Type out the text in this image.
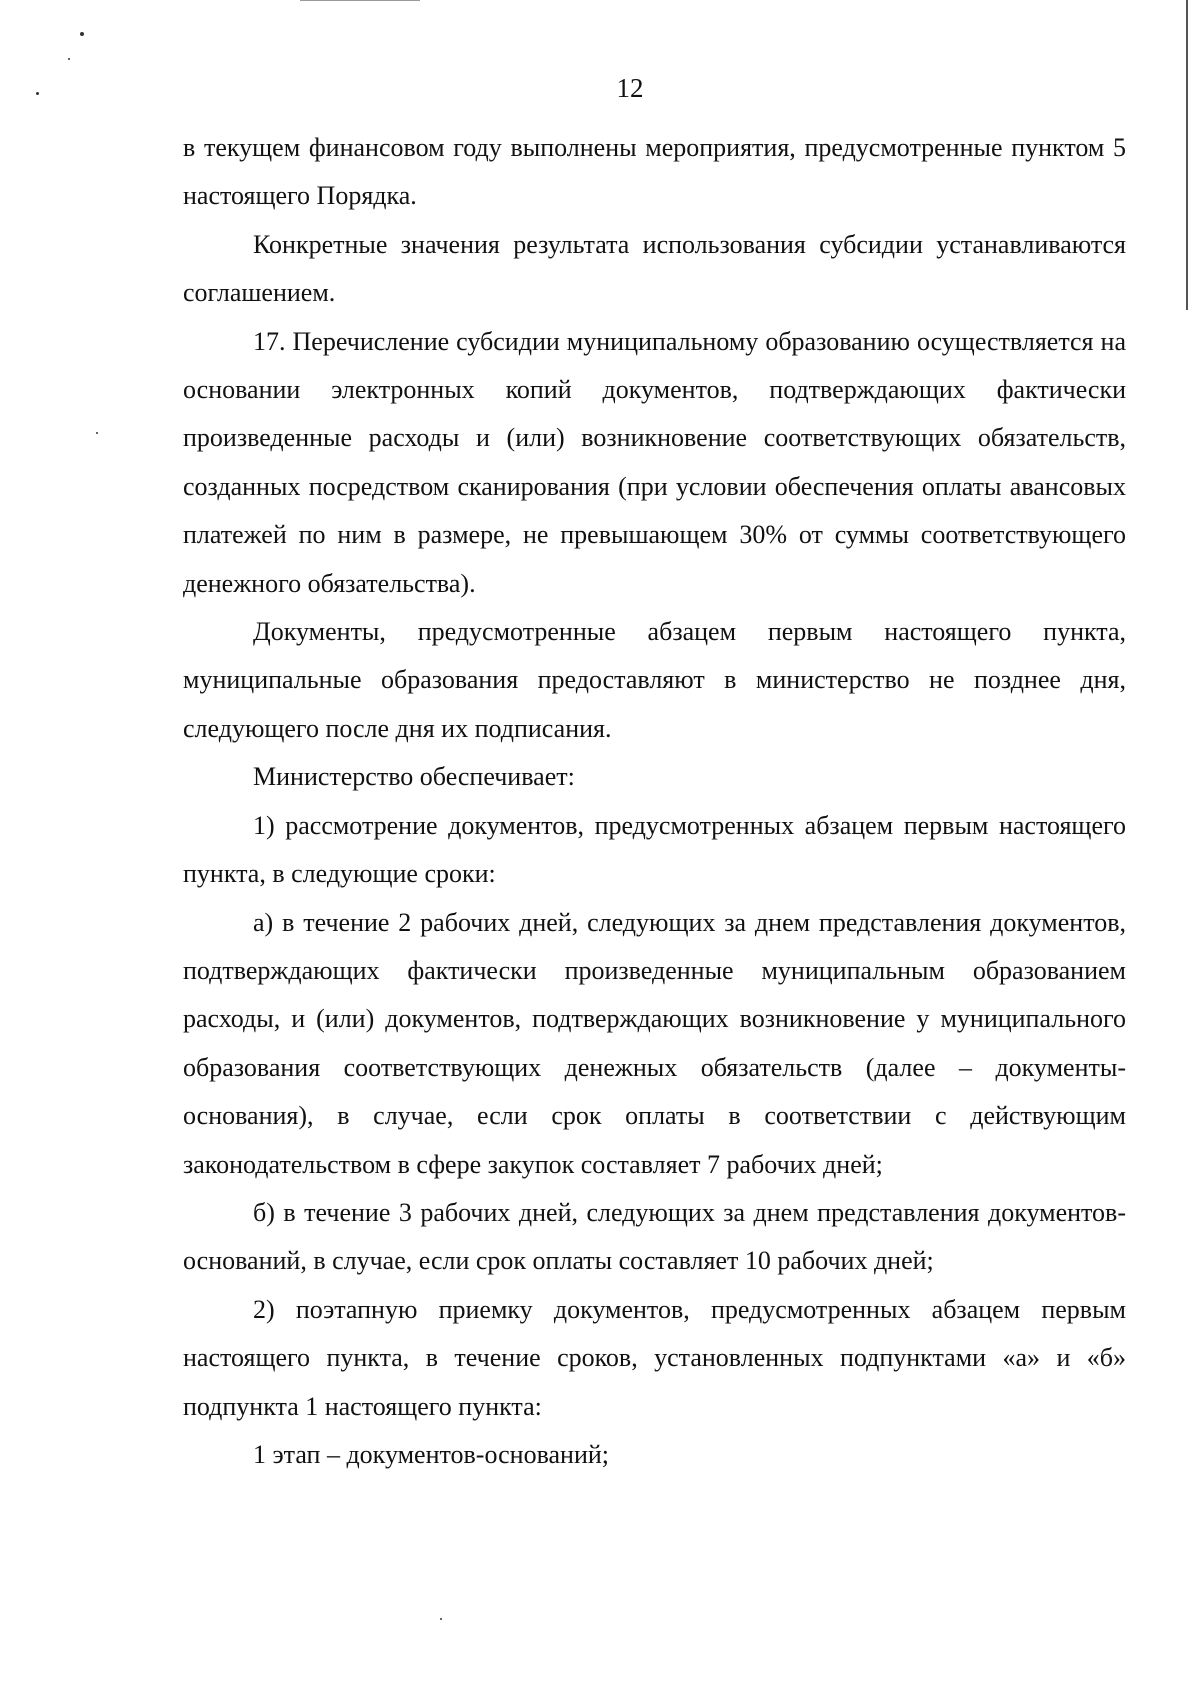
12

в текущем финансовом году выполнены мероприятия, предусмотренные пунктом 5 настоящего Порядка.

Конкретные значения результата использования субсидии устанавливаются соглашением.

17. Перечисление субсидии муниципальному образованию осуществляется на основании электронных копий документов, подтверждающих фактически произведенные расходы и (или) возникновение соответствующих обязательств, созданных посредством сканирования (при условии обеспечения оплаты авансовых платежей по ним в размере, не превышающем 30% от суммы соответствующего денежного обязательства).

Документы, предусмотренные абзацем первым настоящего пункта, муниципальные образования предоставляют в министерство не позднее дня, следующего после дня их подписания.

Министерство обеспечивает:

1) рассмотрение документов, предусмотренных абзацем первым настоящего пункта, в следующие сроки:

а) в течение 2 рабочих дней, следующих за днем представления документов, подтверждающих фактически произведенные муниципальным образованием расходы, и (или) документов, подтверждающих возникновение у муниципального образования соответствующих денежных обязательств (далее – документы-основания), в случае, если срок оплаты в соответствии с действующим законодательством в сфере закупок составляет 7 рабочих дней;

б) в течение 3 рабочих дней, следующих за днем представления документов-оснований, в случае, если срок оплаты составляет 10 рабочих дней;

2) поэтапную приемку документов, предусмотренных абзацем первым настоящего пункта, в течение сроков, установленных подпунктами «а» и «б» подпункта 1 настоящего пункта:

1 этап – документов-оснований;
